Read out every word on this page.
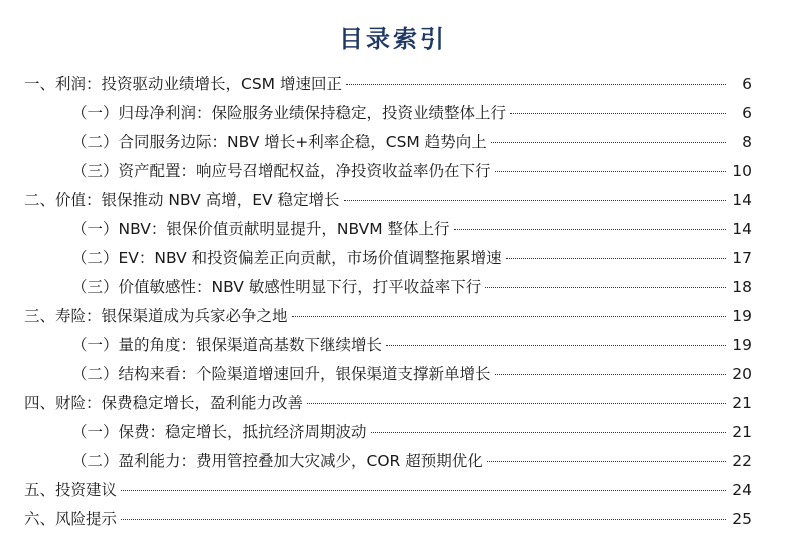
目录索引
一、利润：投资驱动业绩增长，CSM 增速回正	6
（一）归母净利润：保险服务业绩保持稳定，投资业绩整体上行	6
（二）合同服务边际：NBV 增长+利率企稳，CSM 趋势向上	8
（三）资产配置：响应号召增配权益，净投资收益率仍在下行	10
二、价值：银保推动 NBV 高增，EV 稳定增长	14
（一）NBV：银保价值贡献明显提升，NBVM 整体上行	14
（二）EV：NBV 和投资偏差正向贡献，市场价值调整拖累增速	17
（三）价值敏感性：NBV 敏感性明显下行，打平收益率下行	18
三、寿险：银保渠道成为兵家必争之地	19
（一）量的角度：银保渠道高基数下继续增长	19
（二）结构来看：个险渠道增速回升，银保渠道支撑新单增长	20
四、财险：保费稳定增长，盈利能力改善	21
（一）保费：稳定增长，抵抗经济周期波动	21
（二）盈利能力：费用管控叠加大灾减少，COR 超预期优化	22
五、投资建议	24
六、风险提示	25
